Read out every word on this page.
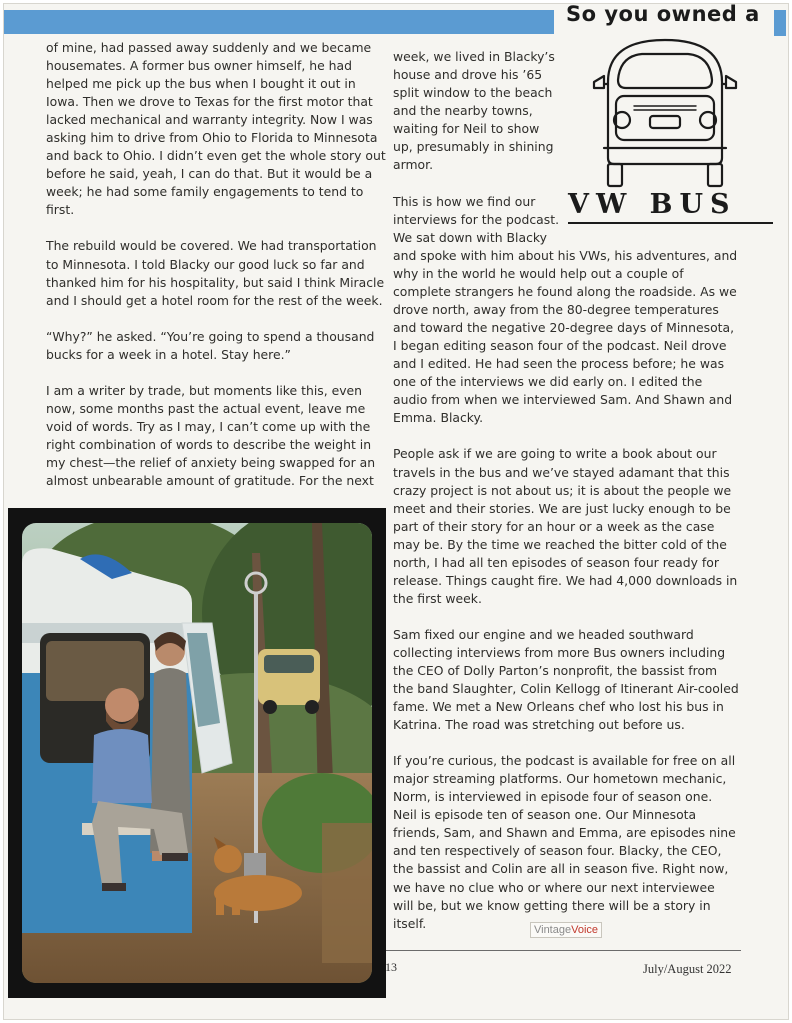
So you owned a
VW BUS

of mine, had passed away suddenly and we became housemates. A former bus owner himself, he had helped me pick up the bus when I bought it out in Iowa. Then we drove to Texas for the first motor that lacked mechanical and warranty integrity. Now I was asking him to drive from Ohio to Florida to Minnesota and back to Ohio. I didn’t even get the whole story out before he said, yeah, I can do that. But it would be a week; he had some family engagements to tend to first.

The rebuild would be covered. We had transportation to Minnesota. I told Blacky our good luck so far and thanked him for his hospitality, but said I think Miracle and I should get a hotel room for the rest of the week.

“Why?” he asked. “You’re going to spend a thousand bucks for a week in a hotel. Stay here.”

I am a writer by trade, but moments like this, even now, some months past the actual event, leave me void of words. Try as I may, I can’t come up with the right combination of words to describe the weight in my chest—the relief of anxiety being swapped for an almost unbearable amount of gratitude. For the next

week, we lived in Blacky’s house and drove his ’65 split window to the beach and the nearby towns, waiting for Neil to show up, presumably in shining armor.

This is how we find our interviews for the podcast. We sat down with Blacky

and spoke with him about his VWs, his adventures, and why in the world he would help out a couple of complete strangers he found along the roadside. As we drove north, away from the 80-degree temperatures and toward the negative 20-degree days of Minnesota, I began editing season four of the podcast. Neil drove and I edited. He had seen the process before; he was one of the interviews we did early on. I edited the audio from when we interviewed Sam. And Shawn and Emma. Blacky.

People ask if we are going to write a book about our travels in the bus and we’ve stayed adamant that this crazy project is not about us; it is about the people we meet and their stories. We are just lucky enough to be part of their story for an hour or a week as the case may be. By the time we reached the bitter cold of the north, I had all ten episodes of season four ready for release. Things caught fire. We had 4,000 downloads in the first week.

Sam fixed our engine and we headed southward collecting interviews from more Bus owners including the CEO of Dolly Parton’s nonprofit, the bassist from the band Slaughter, Colin Kellogg of Itinerant Air-cooled fame. We met a New Orleans chef who lost his bus in Katrina. The road was stretching out before us.

If you’re curious, the podcast is available for free on all major streaming platforms. Our hometown mechanic, Norm, is interviewed in episode four of season one. Neil is episode ten of season one. Our Minnesota friends, Sam, and Shawn and Emma, are episodes nine and ten respectively of season four. Blacky, the CEO, the bassist and Colin are all in season five. Right now, we have no clue who or where our next interviewee will be, but we know getting there will be a story in itself.	VintageVoice
13	July/August 2022
